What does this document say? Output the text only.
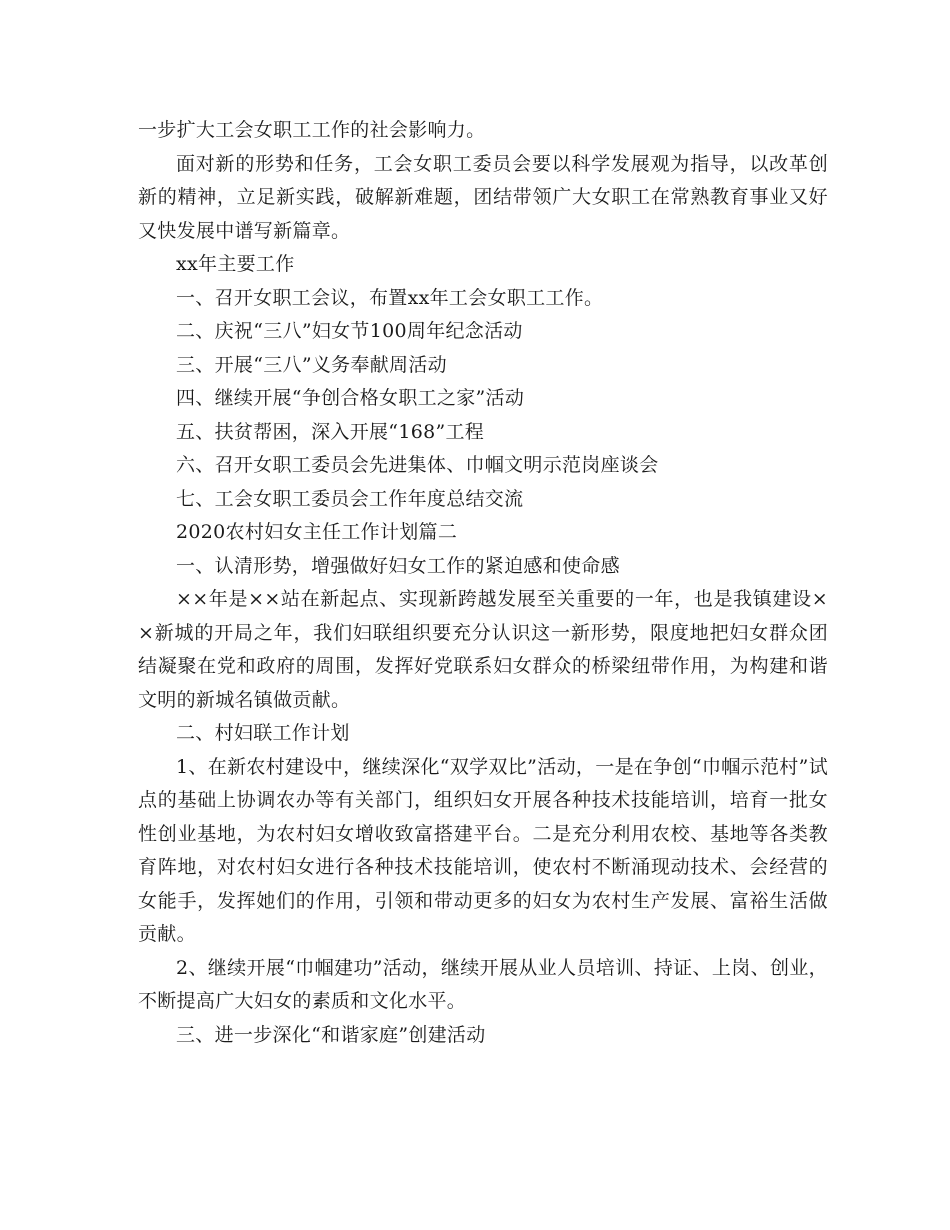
一步扩大工会女职工工作的社会影响力。

面对新的形势和任务，工会女职工委员会要以科学发展观为指导，以改革创新的精神，立足新实践，破解新难题，团结带领广大女职工在常熟教育事业又好又快发展中谱写新篇章。

xx年主要工作

一、召开女职工会议，布置xx年工会女职工工作。

二、庆祝“三八”妇女节100周年纪念活动

三、开展“三八”义务奉献周活动

四、继续开展“争创合格女职工之家”活动

五、扶贫帮困，深入开展“168”工程

六、召开女职工委员会先进集体、巾帼文明示范岗座谈会

七、工会女职工委员会工作年度总结交流

2020农村妇女主任工作计划篇二

一、认清形势，增强做好妇女工作的紧迫感和使命感

××年是××站在新起点、实现新跨越发展至关重要的一年，也是我镇建设××新城的开局之年，我们妇联组织要充分认识这一新形势，限度地把妇女群众团结凝聚在党和政府的周围，发挥好党联系妇女群众的桥梁纽带作用，为构建和谐文明的新城名镇做贡献。

二、村妇联工作计划

1、在新农村建设中，继续深化“双学双比”活动，一是在争创“巾帼示范村”试点的基础上协调农办等有关部门，组织妇女开展各种技术技能培训，培育一批女性创业基地，为农村妇女增收致富搭建平台。二是充分利用农校、基地等各类教育阵地，对农村妇女进行各种技术技能培训，使农村不断涌现动技术、会经营的女能手，发挥她们的作用，引领和带动更多的妇女为农村生产发展、富裕生活做贡献。

2、继续开展“巾帼建功”活动，继续开展从业人员培训、持证、上岗、创业，不断提高广大妇女的素质和文化水平。

三、进一步深化“和谐家庭”创建活动
